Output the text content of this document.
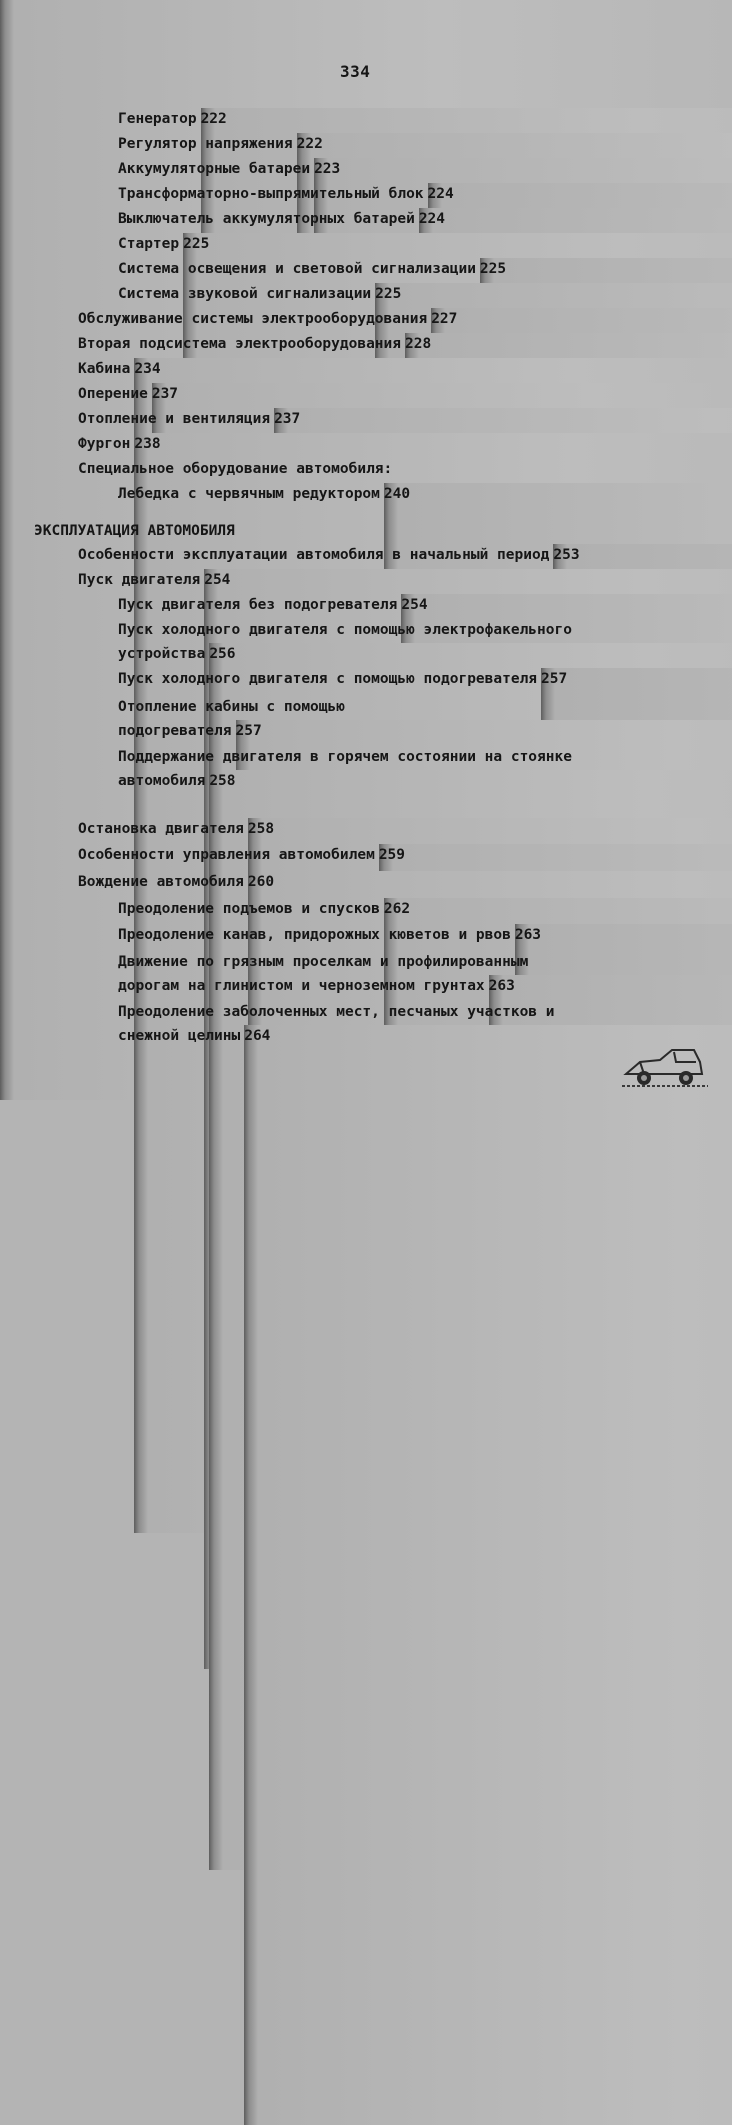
334
Генератор 222
Регулятор напряжения 222
Аккумуляторные батареи 223
Трансформаторно-выпрямительный блок 224
Выключатель аккумуляторных батарей 224
Стартер 225
Система освещения и световой сигнализации 225
Система звуковой сигнализации 225
Обслуживание системы электрооборудования 227
Вторая подсистема электрооборудования 228
Кабина 234
Оперение 237
Отопление и вентиляция 237
Фургон 238
Специальное оборудование автомобиля:
Лебедка с червячным редуктором 240
ЭКСПЛУАТАЦИЯ АВТОМОБИЛЯ
Особенности эксплуатации автомобиля в начальный период 253
Пуск двигателя 254
Пуск двигателя без подогревателя 254
Пуск холодного двигателя с помощью электрофакельного
устройства 256
Пуск холодного двигателя с помощью подогревателя 257
Отопление кабины с помощью
подогревателя 257
Поддержание двигателя в горячем состоянии на стоянке
автомобиля 258
Остановка двигателя 258
Особенности управления автомобилем 259
Вождение автомобиля 260
Преодоление подъемов и спусков 262
Преодоление канав, придорожных кюветов и рвов 263
Движение по грязным проселкам и профилированным
дорогам на глинистом и черноземном грунтах 263
Преодоление заболоченных мест, песчаных участков и
снежной целины 264
